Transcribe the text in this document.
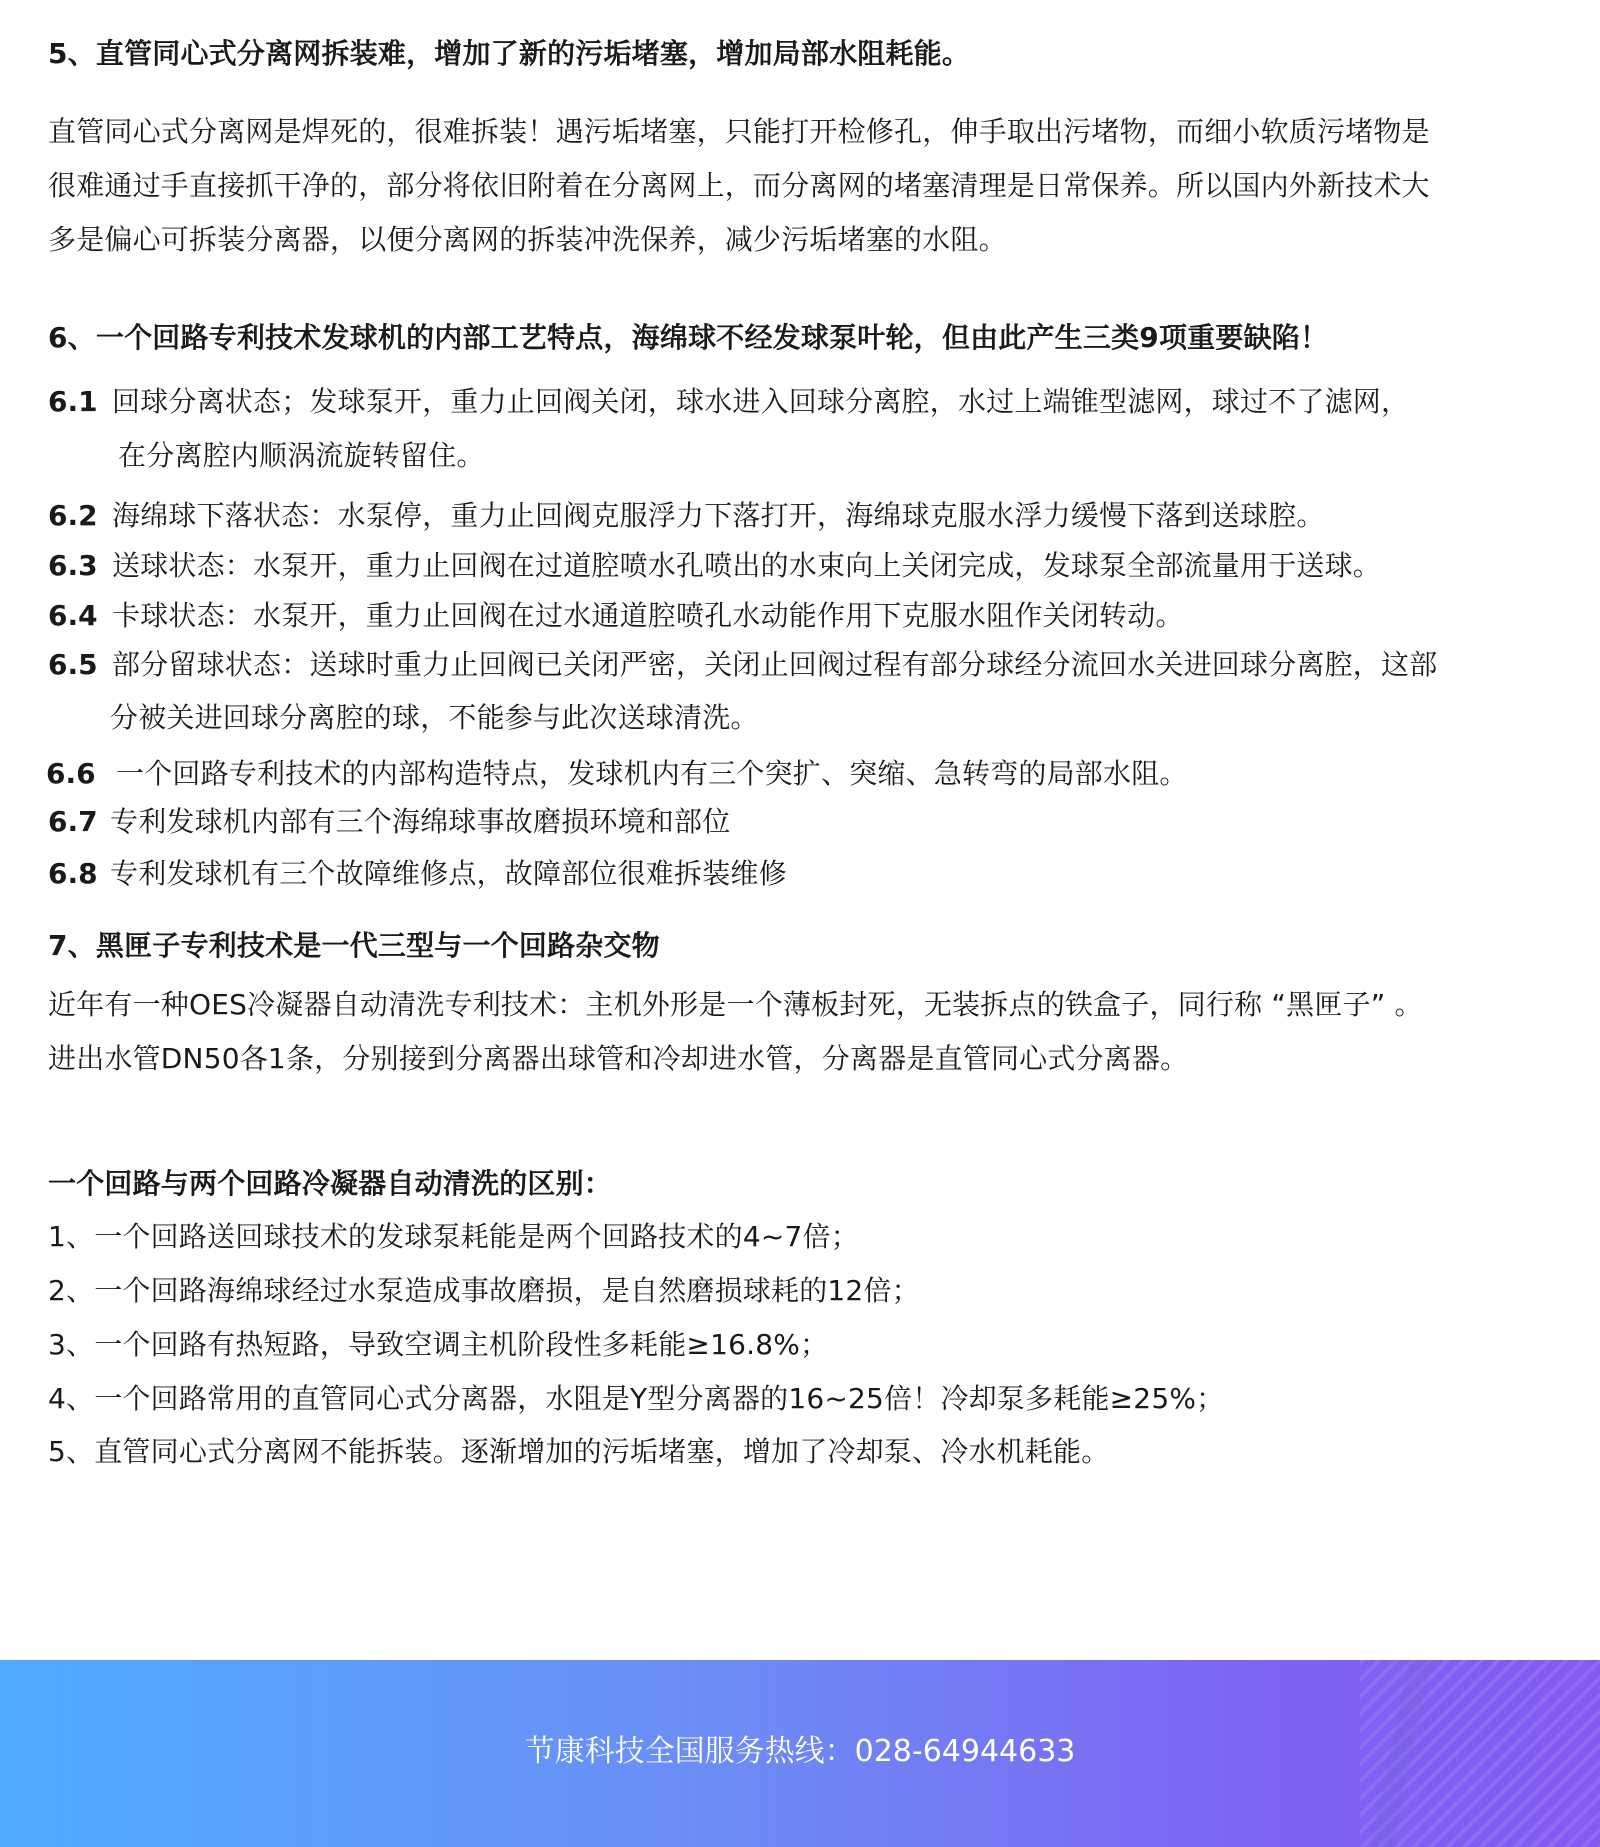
5、直管同心式分离网拆装难，增加了新的污垢堵塞，增加局部水阻耗能。
直管同心式分离网是焊死的，很难拆装！遇污垢堵塞，只能打开检修孔，伸手取出污堵物，而细小软质污堵物是
很难通过手直接抓干净的，部分将依旧附着在分离网上，而分离网的堵塞清理是日常保养。所以国内外新技术大
多是偏心可拆装分离器，以便分离网的拆装冲洗保养，减少污垢堵塞的水阻。
6、一个回路专利技术发球机的内部工艺特点，海绵球不经发球泵叶轮，但由此产生三类9项重要缺陷！
6.1 回球分离状态；发球泵开，重力止回阀关闭，球水进入回球分离腔，水过上端锥型滤网，球过不了滤网，
在分离腔内顺涡流旋转留住。
6.2 海绵球下落状态：水泵停，重力止回阀克服浮力下落打开，海绵球克服水浮力缓慢下落到送球腔。
6.3 送球状态：水泵开，重力止回阀在过道腔喷水孔喷出的水束向上关闭完成，发球泵全部流量用于送球。
6.4 卡球状态：水泵开，重力止回阀在过水通道腔喷孔水动能作用下克服水阻作关闭转动。
6.5 部分留球状态：送球时重力止回阀已关闭严密，关闭止回阀过程有部分球经分流回水关进回球分离腔，这部
分被关进回球分离腔的球，不能参与此次送球清洗。
6.6 一个回路专利技术的内部构造特点，发球机内有三个突扩、突缩、急转弯的局部水阻。
6.7 专利发球机内部有三个海绵球事故磨损环境和部位
6.8 专利发球机有三个故障维修点，故障部位很难拆装维修
7、黑匣子专利技术是一代三型与一个回路杂交物
近年有一种OES冷凝器自动清洗专利技术：主机外形是一个薄板封死，无装拆点的铁盒子，同行称 “黑匣子” 。
进出水管DN50各1条，分别接到分离器出球管和冷却进水管，分离器是直管同心式分离器。
一个回路与两个回路冷凝器自动清洗的区别：
1、一个回路送回球技术的发球泵耗能是两个回路技术的4~7倍；
2、一个回路海绵球经过水泵造成事故磨损，是自然磨损球耗的12倍；
3、一个回路有热短路，导致空调主机阶段性多耗能≥16.8%；
4、一个回路常用的直管同心式分离器，水阻是Y型分离器的16~25倍！冷却泵多耗能≥25%；
5、直管同心式分离网不能拆装。逐渐增加的污垢堵塞，增加了冷却泵、冷水机耗能。
节康科技全国服务热线：028-64944633
